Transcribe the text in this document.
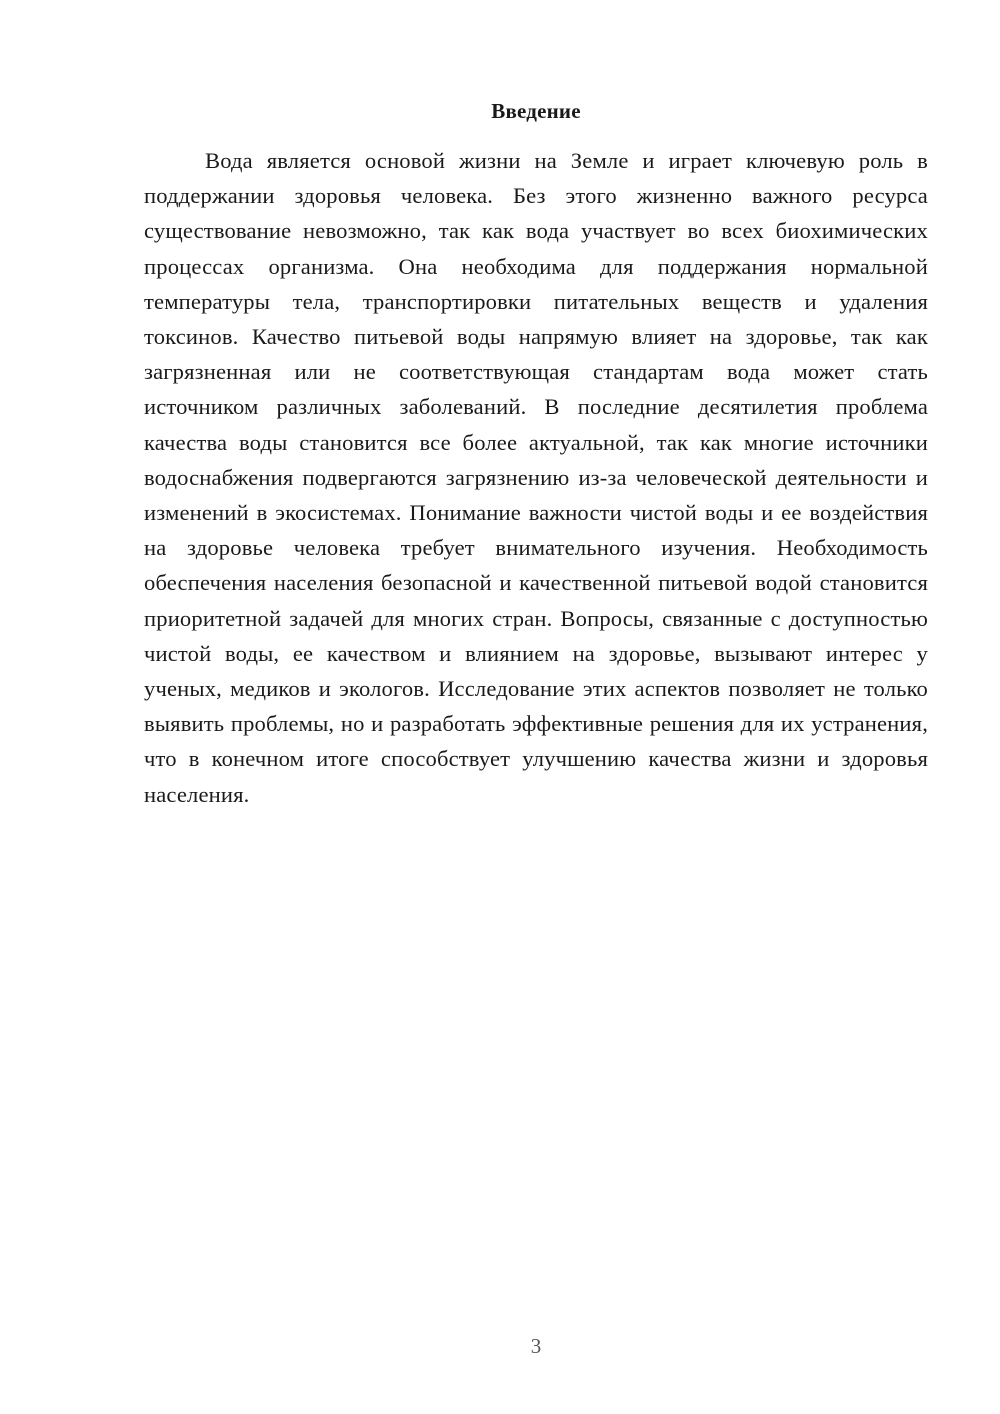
Введение

Вода является основой жизни на Земле и играет ключевую роль в поддержании здоровья человека. Без этого жизненно важного ресурса существование невозможно, так как вода участвует во всех биохимических процессах организма. Она необходима для поддержания нормальной температуры тела, транспортировки питательных веществ и удаления токсинов. Качество питьевой воды напрямую влияет на здоровье, так как загрязненная или не соответствующая стандартам вода может стать источником различных заболеваний. В последние десятилетия проблема качества воды становится все более актуальной, так как многие источники водоснабжения подвергаются загрязнению из-за человеческой деятельности и изменений в экосистемах. Понимание важности чистой воды и ее воздействия на здоровье человека требует внимательного изучения. Необходимость обеспечения населения безопасной и качественной питьевой водой становится приоритетной задачей для многих стран. Вопросы, связанные с доступностью чистой воды, ее качеством и влиянием на здоровье, вызывают интерес у ученых, медиков и экологов. Исследование этих аспектов позволяет не только выявить проблемы, но и разработать эффективные решения для их устранения, что в конечном итоге способствует улучшению качества жизни и здоровья населения.

3
